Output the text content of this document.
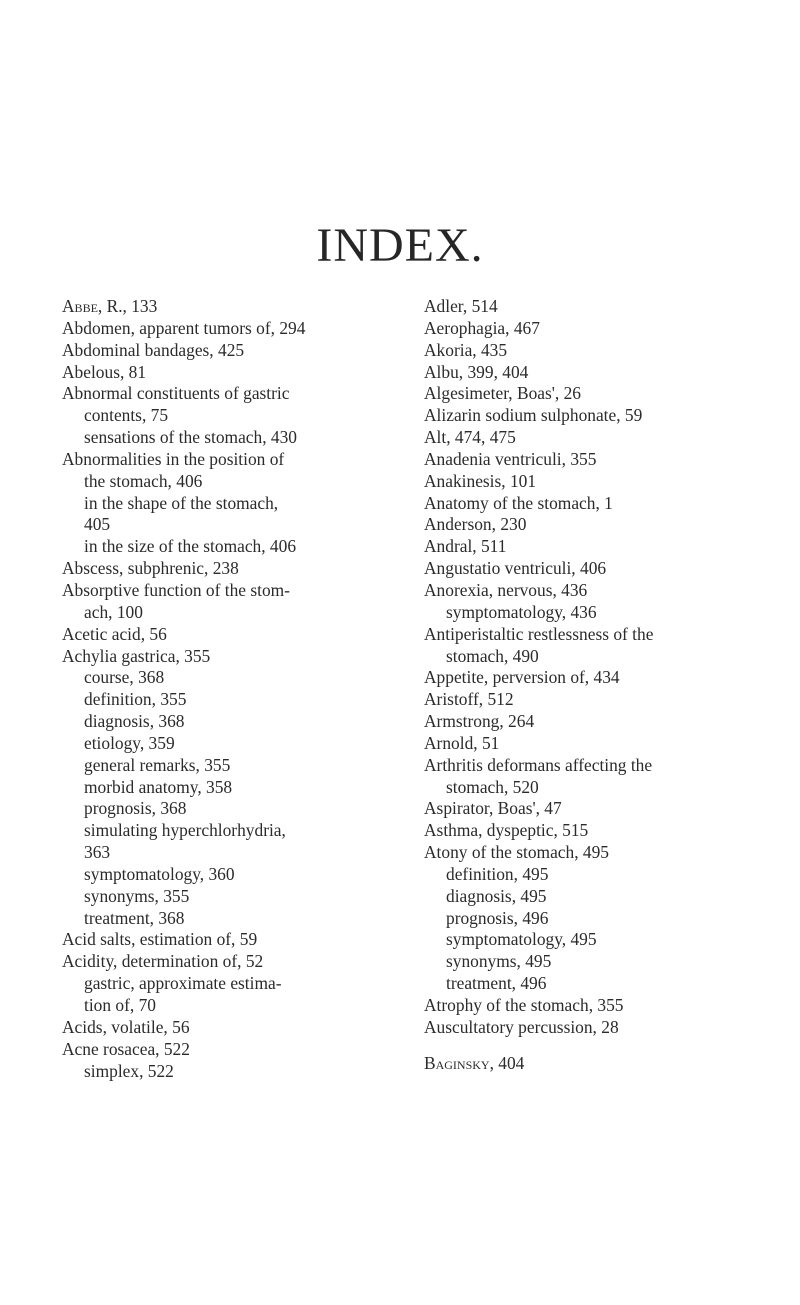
INDEX.
Abbe, R., 133
Abdomen, apparent tumors of, 294
Abdominal bandages, 425
Abelous, 81
Abnormal constituents of gastric
contents, 75
sensations of the stomach, 430
Abnormalities in the position of
the stomach, 406
in the shape of the stomach,
405
in the size of the stomach, 406
Abscess, subphrenic, 238
Absorptive function of the stom-
ach, 100
Acetic acid, 56
Achylia gastrica, 355
course, 368
definition, 355
diagnosis, 368
etiology, 359
general remarks, 355
morbid anatomy, 358
prognosis, 368
simulating hyperchlorhydria,
363
symptomatology, 360
synonyms, 355
treatment, 368
Acid salts, estimation of, 59
Acidity, determination of, 52
gastric, approximate estima-
tion of, 70
Acids, volatile, 56
Acne rosacea, 522
simplex, 522
Adler, 514
Aerophagia, 467
Akoria, 435
Albu, 399, 404
Algesimeter, Boas', 26
Alizarin sodium sulphonate, 59
Alt, 474, 475
Anadenia ventriculi, 355
Anakinesis, 101
Anatomy of the stomach, 1
Anderson, 230
Andral, 511
Angustatio ventriculi, 406
Anorexia, nervous, 436
symptomatology, 436
Antiperistaltic restlessness of the
stomach, 490
Appetite, perversion of, 434
Aristoff, 512
Armstrong, 264
Arnold, 51
Arthritis deformans affecting the
stomach, 520
Aspirator, Boas', 47
Asthma, dyspeptic, 515
Atony of the stomach, 495
definition, 495
diagnosis, 495
prognosis, 496
symptomatology, 495
synonyms, 495
treatment, 496
Atrophy of the stomach, 355
Auscultatory percussion, 28
Baginsky, 404
